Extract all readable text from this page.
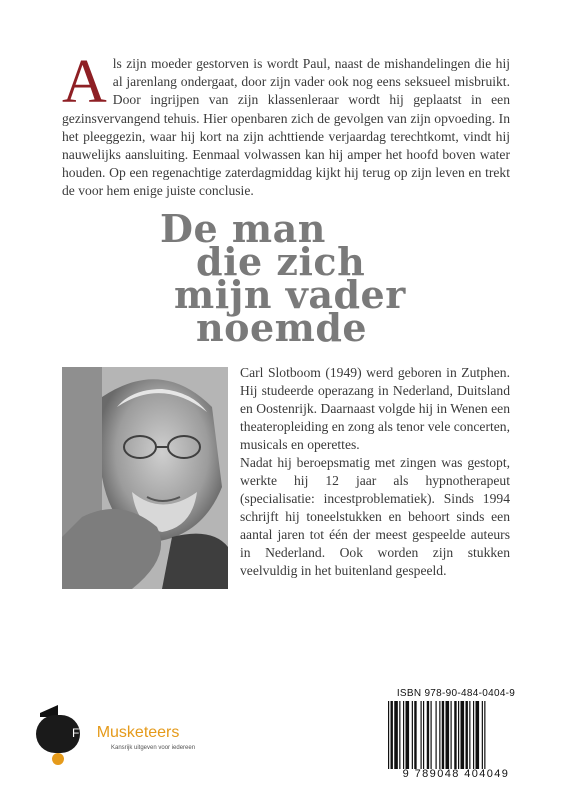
Als zijn moeder gestorven is wordt Paul, naast de mishandelingen die hij al jarenlang ondergaat, door zijn vader ook nog eens seksueel misbruikt. Door ingrijpen van zijn klassenleraar wordt hij geplaatst in een gezinsvervangend tehuis. Hier openbaren zich de gevolgen van zijn opvoeding. In het pleeggezin, waar hij kort na zijn achttiende verjaardag terechtkomt, vindt hij nauwelijks aansluiting. Eenmaal volwassen kan hij amper het hoofd boven water houden. Op een regenachtige zaterdagmiddag kijkt hij terug op zijn leven en trekt de voor hem enige juiste conclusie.
De man
die zich
mijn vader
noemde

Carl Slotboom (1949) werd geboren in Zutphen. Hij studeerde operazang in Nederland, Duitsland en Oostenrijk. Daarnaast volgde hij in Wenen een theateropleiding en zong als tenor vele concerten, musicals en operettes.

Nadat hij beroepsmatig met zingen was gestopt, werkte hij 12 jaar als hypnotherapeut (specialisatie: incestproblematiek). Sinds 1994 schrijft hij toneelstukken en behoort sinds een aantal jaren tot één der meest gespeelde auteurs in Nederland. Ook worden zijn stukken veelvuldig in het buitenland gespeeld.

ISBN 978-90-484-0404-9
9 789048 404049
FreeMusketeers
Kansrijk uitgeven voor iedereen
